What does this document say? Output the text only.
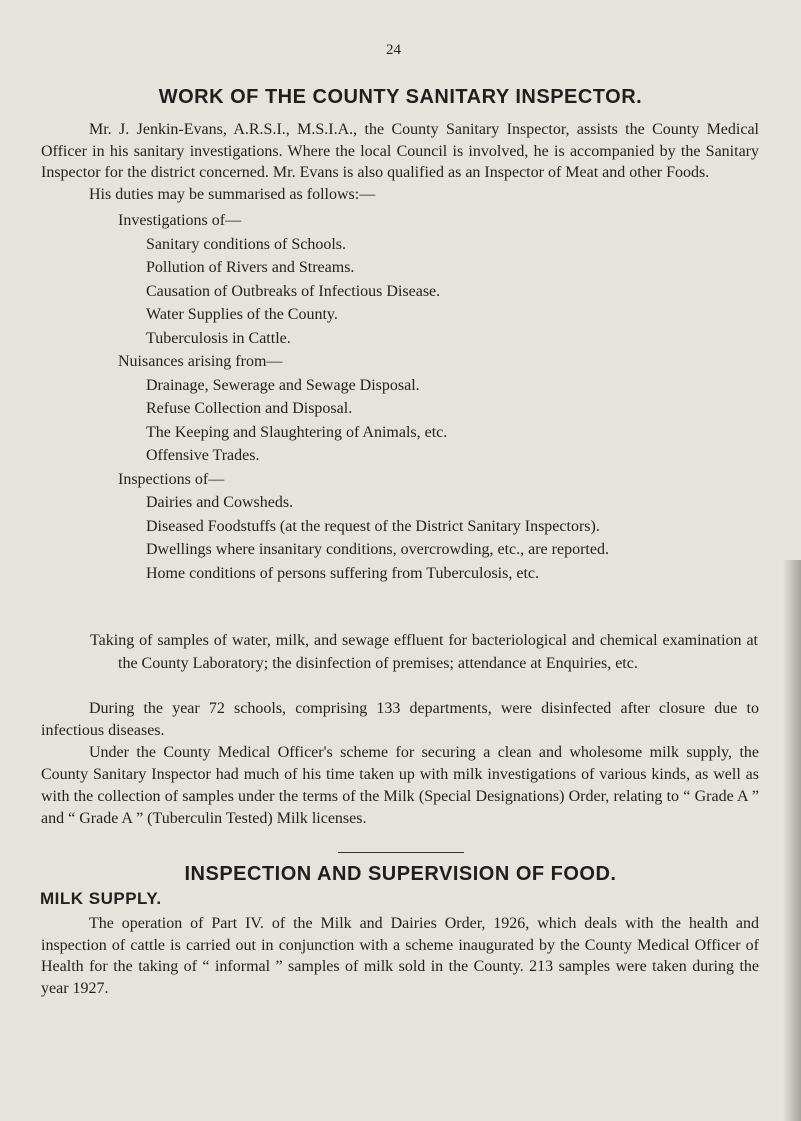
24
WORK OF THE COUNTY SANITARY INSPECTOR.

Mr. J. Jenkin-Evans, A.R.S.I., M.S.I.A., the County Sanitary Inspector, assists the County Medical Officer in his sanitary investigations. Where the local Council is involved, he is accompanied by the Sanitary Inspector for the district concerned. Mr. Evans is also qualified as an Inspector of Meat and other Foods.

His duties may be summarised as follows:—

Investigations of—
Sanitary conditions of Schools.
Pollution of Rivers and Streams.
Causation of Outbreaks of Infectious Disease.
Water Supplies of the County.
Tuberculosis in Cattle.
Nuisances arising from—
Drainage, Sewerage and Sewage Disposal.
Refuse Collection and Disposal.
The Keeping and Slaughtering of Animals, etc.
Offensive Trades.
Inspections of—
Dairies and Cowsheds.
Diseased Foodstuffs (at the request of the District Sanitary Inspectors).
Dwellings where insanitary conditions, overcrowding, etc., are reported.
Home conditions of persons suffering from Tuberculosis, etc.

Taking of samples of water, milk, and sewage effluent for bacteriological and chemical examination at the County Laboratory; the disinfection of premises; attendance at Enquiries, etc.

During the year 72 schools, comprising 133 departments, were disinfected after closure due to infectious diseases.

Under the County Medical Officer's scheme for securing a clean and wholesome milk supply, the County Sanitary Inspector had much of his time taken up with milk investigations of various kinds, as well as with the collection of samples under the terms of the Milk (Special Designations) Order, relating to “ Grade A ” and “ Grade A ” (Tuberculin Tested) Milk licenses.

INSPECTION AND SUPERVISION OF FOOD.
MILK SUPPLY.

The operation of Part IV. of the Milk and Dairies Order, 1926, which deals with the health and inspection of cattle is carried out in conjunction with a scheme inaugurated by the County Medical Officer of Health for the taking of “ informal ” samples of milk sold in the County. 213 samples were taken during the year 1927.
